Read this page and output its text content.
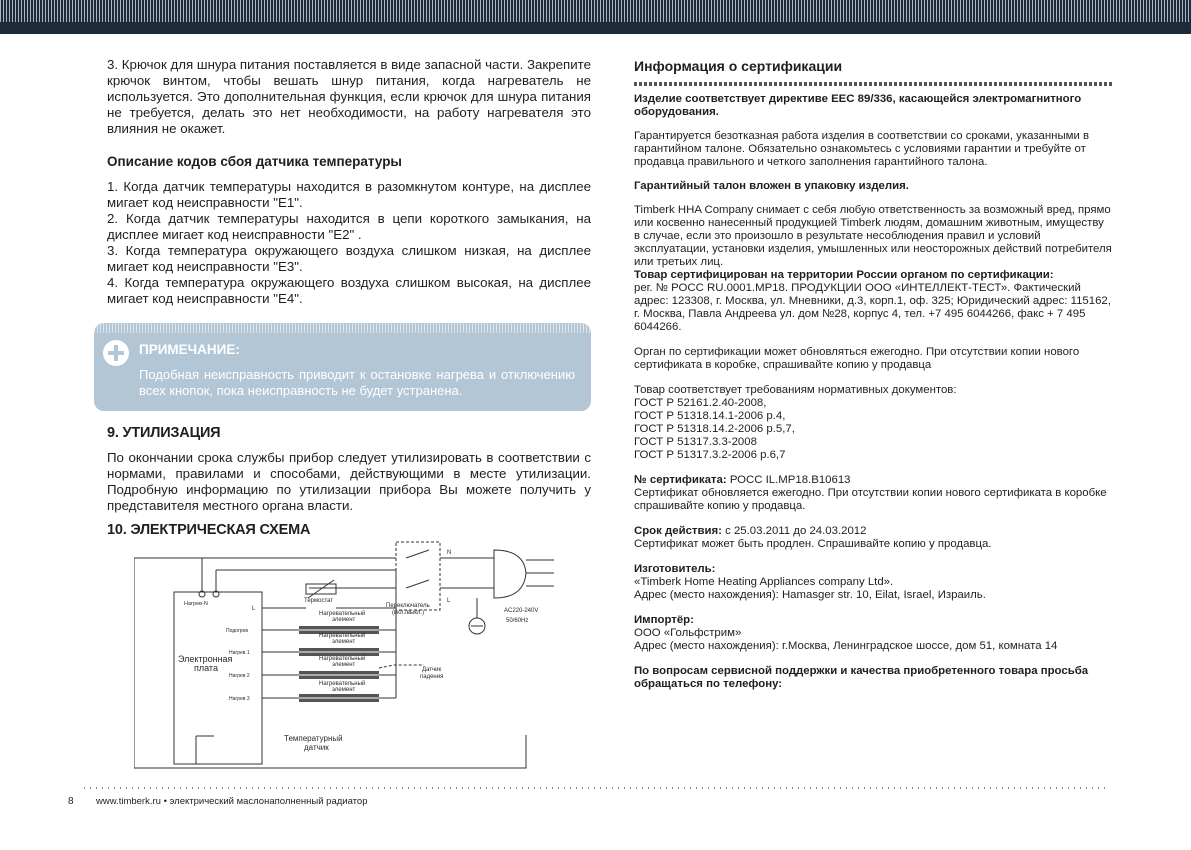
3. Крючок для шнура питания поставляется в виде запасной части. Закрепите крючок винтом, чтобы вешать шнур питания, когда нагреватель не используется. Это дополнительная функция, если крючок для шнура питания не требуется, делать это нет необходимости, на работу нагревателя это влияния не окажет.

Описание кодов сбоя датчика температуры

1. Когда датчик температуры находится в разомкнутом контуре, на дисплее мигает код неисправности "E1".

2. Когда датчик температуры находится в цепи короткого замыкания, на дисплее мигает код неисправности "E2" .

3. Когда температура окружающего воздуха слишком низкая, на дисплее мигает код неисправности "E3".

4. Когда температура окружающего воздуха слишком высокая, на дисплее мигает код неисправности "E4".

ПРИМЕЧАНИЕ:
Подобная неисправность приводит к остановке нагрева и отключению всех кнопок, пока неисправность не будет устранена.

9. УТИЛИЗАЦИЯ

По окончании срока службы прибор следует утилизировать в соответствии с нормами, правилами и способами, действующими в месте утилизации. Подробную информацию по утилизации прибора Вы можете получить у представителя местного органа власти.

10. ЭЛЕКТРИЧЕСКАЯ СХЕМА

Нагрев-N
L
Подогрев
Нагрев 1
Нагрев 2
Нагрев 3
Электронная
плата
Термостат
Переключатель
(вкл./выкл.)
Нагревательный
элемент
Нагревательный
элемент
Нагревательный
элемент
Нагревательный
элемент
Датчик
падения
Температурный
датчик
AC220-240V
50/60Hz
N
L

Информация о сертификации

Изделие соответствует директиве ЕЕС 89/336, касающейся электромагнитного оборудования.

Гарантируется безотказная работа изделия в соответствии со сроками, указанными в гарантийном талоне. Обязательно ознакомьтесь с условиями гарантии и требуйте от продавца правильного и четкого заполнения гарантийного талона.

Гарантийный талон вложен в упаковку изделия.

Timberk HHA Company снимает с себя любую ответственность за возможный вред, прямо или косвенно нанесенный продукцией Timberk людям, домашним животным, имуществу в случае, если это произошло в результате несоблюдения правил и условий эксплуатации, установки изделия, умышленных или неосторожных действий потребителя или третьих лиц.

Товар сертифицирован на территории России органом по сертификации:
рег. № РОСС RU.0001.МР18. ПРОДУКЦИИ ООО «ИНТЕЛЛЕКТ-ТЕСТ». Фактический адрес: 123308, г. Москва, ул. Мневники, д.3, корп.1, оф. 325; Юридический адрес: 115162, г. Москва, Павла Андреева ул. дом №28, корпус 4, тел. +7 495 6044266, факс + 7 495 6044266.

Орган по сертификации может обновляться ежегодно. При отсутствии копии нового сертификата в коробке, спрашивайте копию у продавца

Товар соответствует требованиям нормативных документов:

ГОСТ Р 52161.2.40-2008,

ГОСТ Р 51318.14.1-2006 р.4,

ГОСТ Р 51318.14.2-2006 р.5,7,

ГОСТ Р 51317.3.3-2008

ГОСТ Р 51317.3.2-2006 р.6,7

№ сертификата: РОСС IL.МР18.В10613
Сертификат обновляется ежегодно. При отсутствии копии нового сертификата в коробке спрашивайте копию у продавца.

Срок действия: с 25.03.2011 до 24.03.2012
Сертификат может быть продлен. Спрашивайте копию у продавца.

Изготовитель:
«Timberk Home Heating Appliances company Ltd».
Адрес (место нахождения): Hamasger str. 10, Eilat, Israel, Израиль.

Импортёр:
ООО «Гольфстрим»
Адрес (место нахождения): г.Москва, Ленинградское шоссе, дом 51, комната 14

По вопросам сервисной поддержки и качества приобретенного товара просьба обращаться по телефону:

8 www.timberk.ru • электрический маслонаполненный радиатор
